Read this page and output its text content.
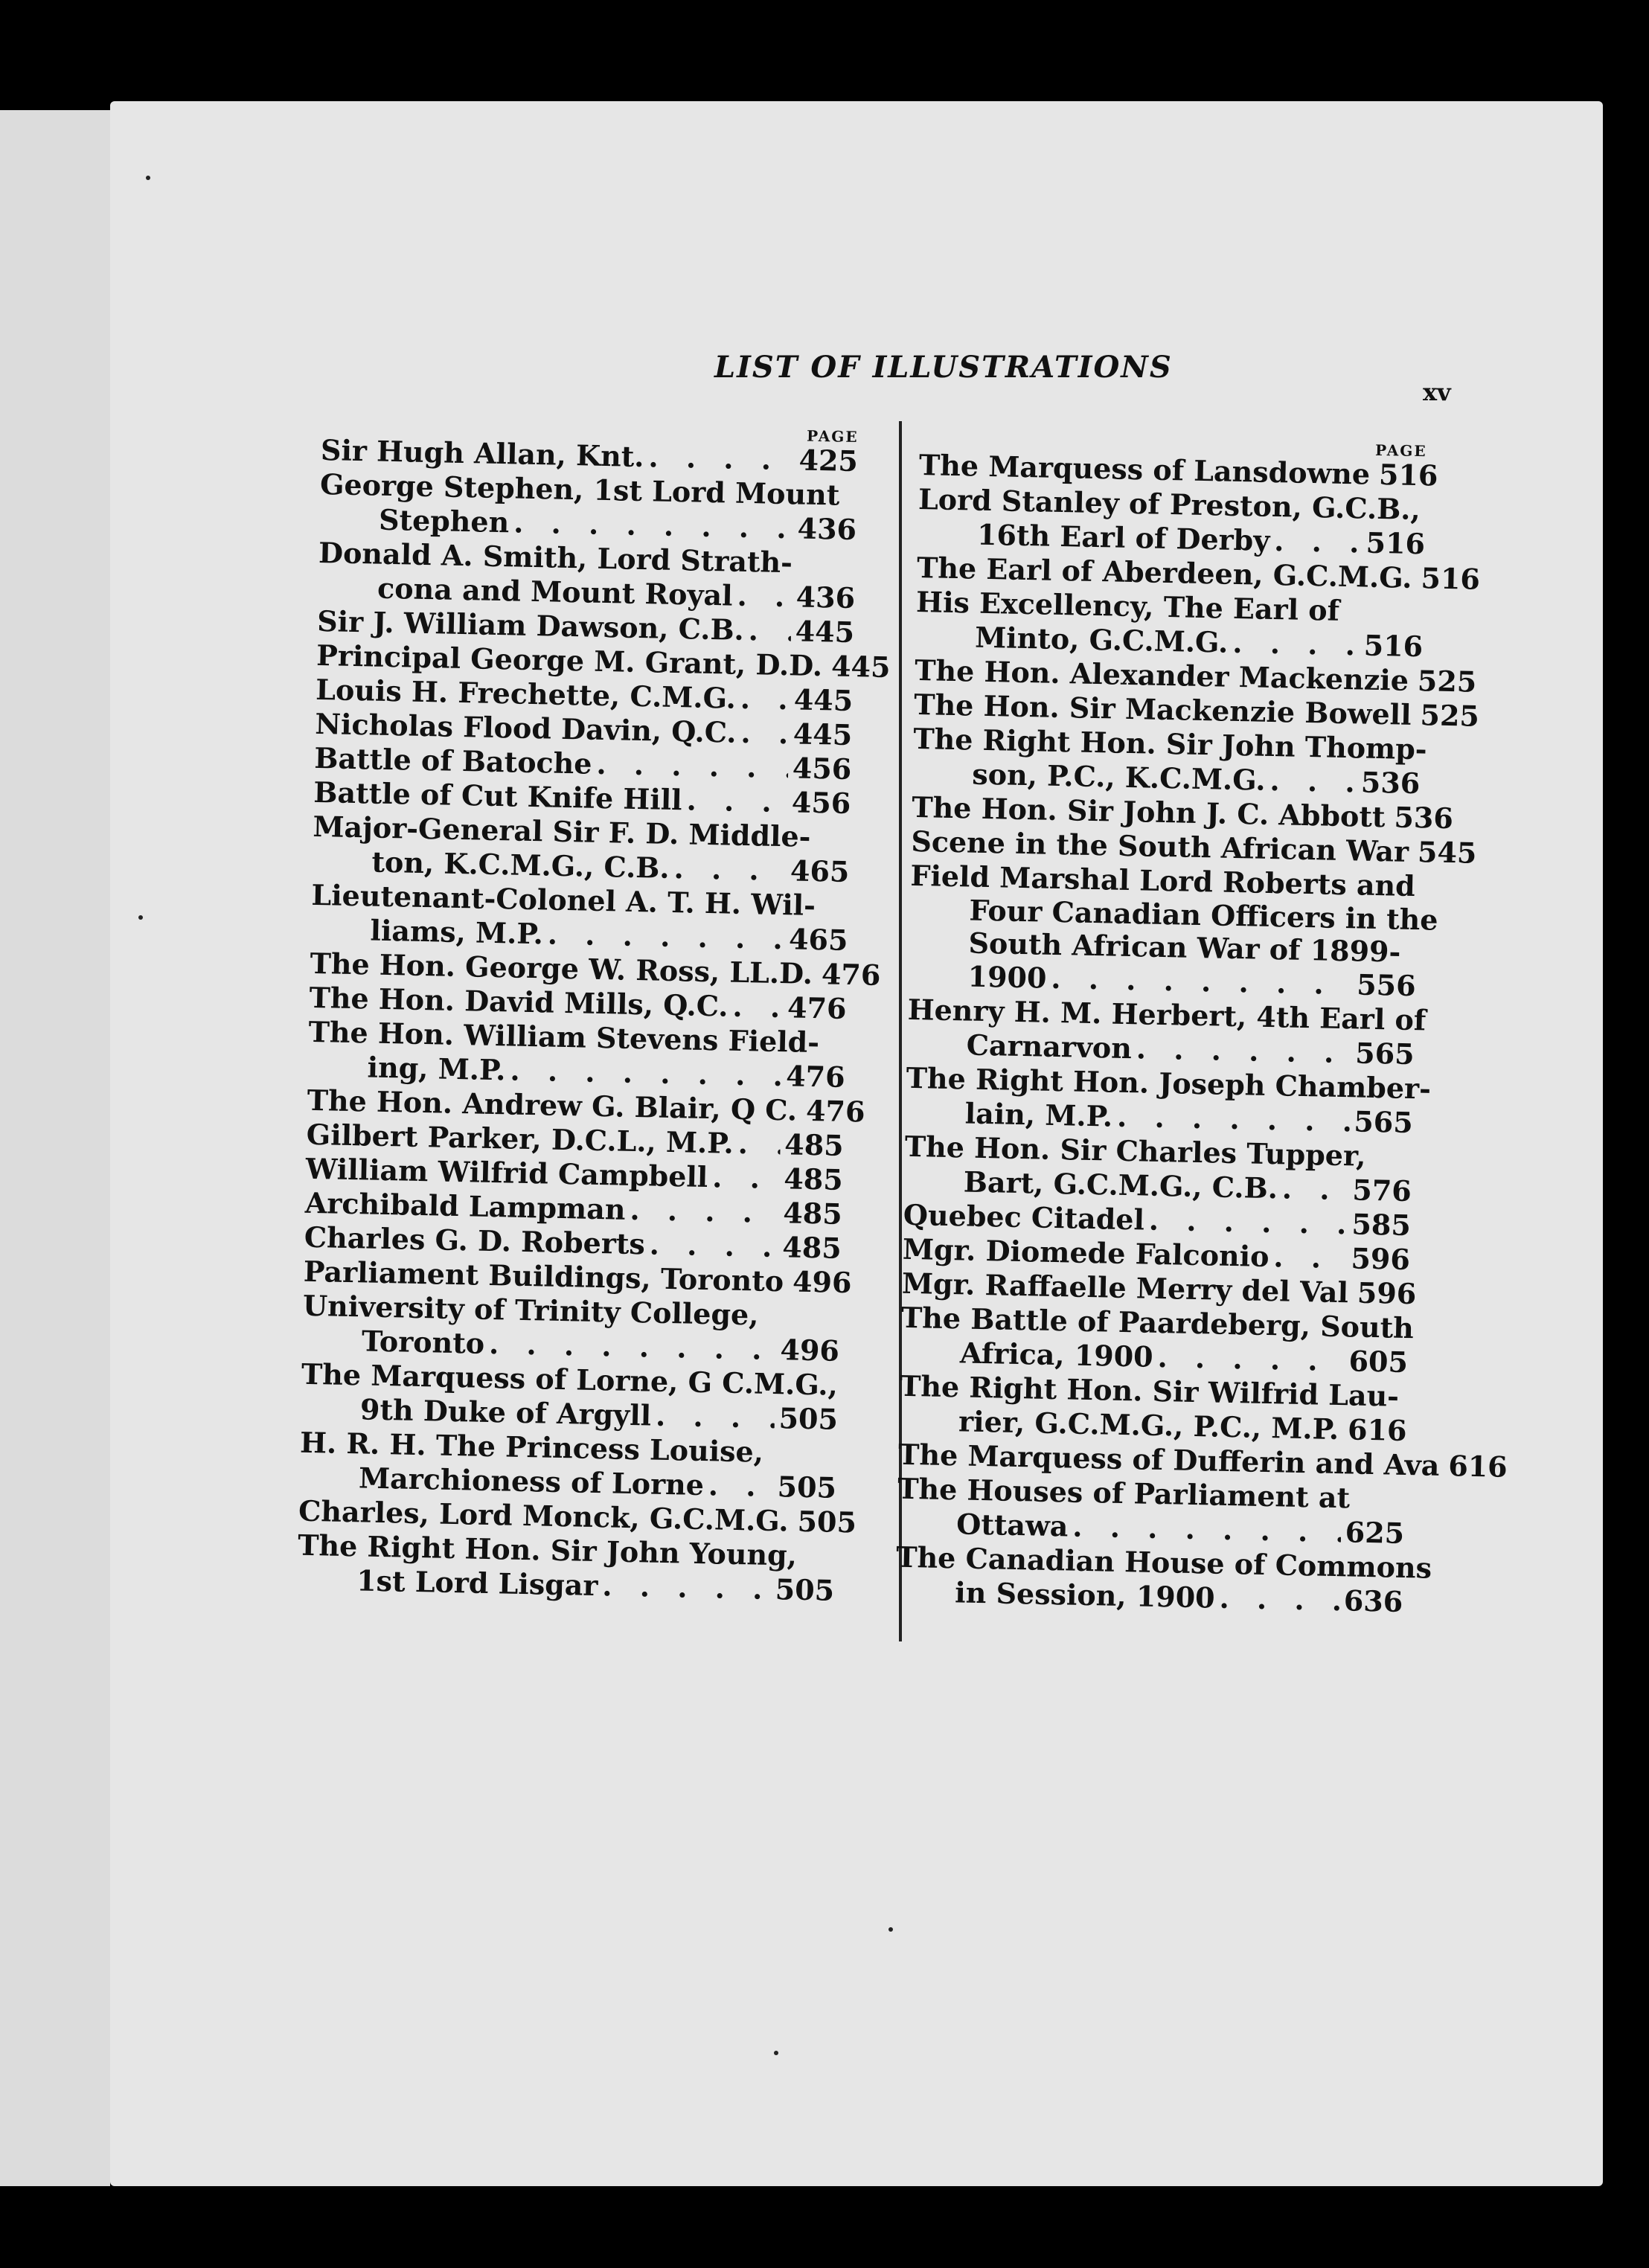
LIST OF ILLUSTRATIONS
xv
PAGE
Sir Hugh Allan, Knt. . . .	425
George Stephen, 1st Lord Mount
Stephen . . .	436
Donald A. Smith, Lord Strath-
cona and Mount Royal . . . 436
Sir J. William Dawson, C.B. . . . 445
Principal George M. Grant, D.D. . . . 445
Louis H. Frechette, C.M.G. . . . 445
Nicholas Flood Davin, Q.C. . . . 445
Battle of Batoche . . .	456
Battle of Cut Knife Hill . . .	456
Major-General Sir F. D. Middle-
ton, K.C.M.G., C.B. . . .	465
Lieutenant-Colonel A. T. H. Wil-
liams, M.P. . . .	465
The Hon. George W. Ross, LL.D. . . . 476
The Hon. David Mills, Q.C. . . . 476
The Hon. William Stevens Field-
ing, M.P. . . .	476
The Hon. Andrew G. Blair, Q C. . . . 476
Gilbert Parker, D.C.L., M.P. . . . 485
William Wilfrid Campbell . . .	485
Archibald Lampman . . .	485
Charles G. D. Roberts . . .	485
Parliament Buildings, Toronto . . . 496
University of Trinity College,
Toronto . . .	496
The Marquess of Lorne, G C.M.G.,
9th Duke of Argyll . . .	505
H. R. H. The Princess Louise,
Marchioness of Lorne . . .	505
Charles, Lord Monck, G.C.M.G. . . . 505
The Right Hon. Sir John Young,
1st Lord Lisgar . . .	505
PAGE
The Marquess of Lansdowne . . . 516
Lord Stanley of Preston, G.C.B.,
16th Earl of Derby . . .	516
The Earl of Aberdeen, G.C.M.G. . . . 516
His Excellency, The Earl of
Minto, G.C.M.G. . . .	516
The Hon. Alexander Mackenzie . . . 525
The Hon. Sir Mackenzie Bowell . . . 525
The Right Hon. Sir John Thomp-
son, P.C., K.C.M.G. . . .	536
The Hon. Sir John J. C. Abbott . . . 536
Scene in the South African War . . . 545
Field Marshal Lord Roberts and
Four Canadian Officers in the
South African War of 1899-
1900 . . .	556
Henry H. M. Herbert, 4th Earl of
Carnarvon . . .	565
The Right Hon. Joseph Chamber-
lain, M.P. . . .	565
The Hon. Sir Charles Tupper,
Bart, G.C.M.G., C.B. . . .	576
Quebec Citadel . . .	585
Mgr. Diomede Falconio . . .	596
Mgr. Raffaelle Merry del Val . . . 596
The Battle of Paardeberg, South
Africa, 1900 . . .	605
The Right Hon. Sir Wilfrid Lau-
rier, G.C.M.G., P.C., M.P. . . . 616
The Marquess of Dufferin and Ava . . . 616
The Houses of Parliament at
Ottawa . . .	625
The Canadian House of Commons
in Session, 1900 . . .	636
